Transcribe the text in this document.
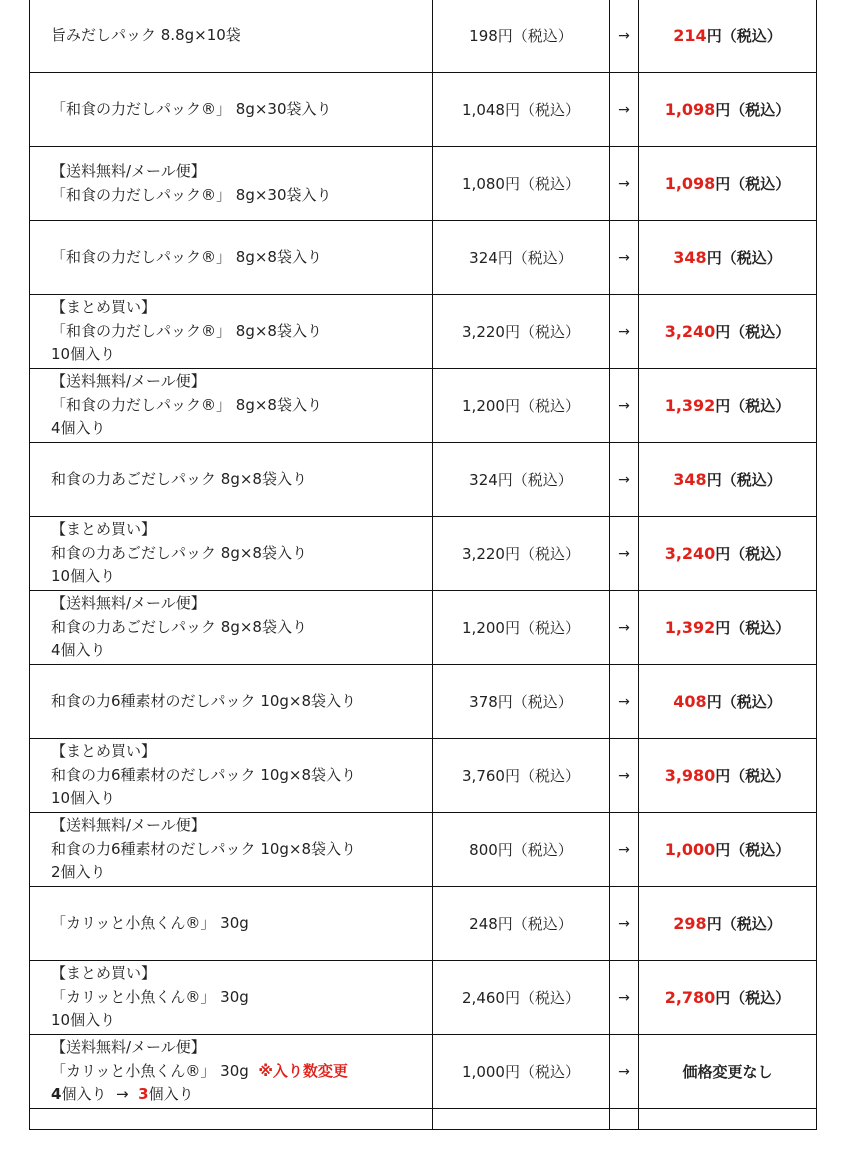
旨みだしパック 8.8g×10袋	198円（税込）	→	214円（税込）

「和食の力だしパック®」 8g×30袋入り	1,048円（税込）	→	1,098円（税込）

【送料無料/メール便】
「和食の力だしパック®」 8g×30袋入り	1,080円（税込）	→	1,098円（税込）

「和食の力だしパック®」 8g×8袋入り	324円（税込）	→	348円（税込）

【まとめ買い】
「和食の力だしパック®」 8g×8袋入り
10個入り	3,220円（税込）	→	3,240円（税込）

【送料無料/メール便】
「和食の力だしパック®」 8g×8袋入り
4個入り	1,200円（税込）	→	1,392円（税込）

和食の力あごだしパック 8g×8袋入り	324円（税込）	→	348円（税込）

【まとめ買い】
和食の力あごだしパック 8g×8袋入り
10個入り	3,220円（税込）	→	3,240円（税込）

【送料無料/メール便】
和食の力あごだしパック 8g×8袋入り
4個入り	1,200円（税込）	→	1,392円（税込）

和食の力6種素材のだしパック 10g×8袋入り	378円（税込）	→	408円（税込）

【まとめ買い】
和食の力6種素材のだしパック 10g×8袋入り
10個入り	3,760円（税込）	→	3,980円（税込）

【送料無料/メール便】
和食の力6種素材のだしパック 10g×8袋入り
2個入り	800円（税込）	→	1,000円（税込）

「カリッと小魚くん®」 30g	248円（税込）	→	298円（税込）

【まとめ買い】
「カリッと小魚くん®」 30g
10個入り	2,460円（税込）	→	2,780円（税込）

【送料無料/メール便】
「カリッと小魚くん®」 30g ※入り数変更
4個入り → 3個入り	1,000円（税込）	→	価格変更なし
